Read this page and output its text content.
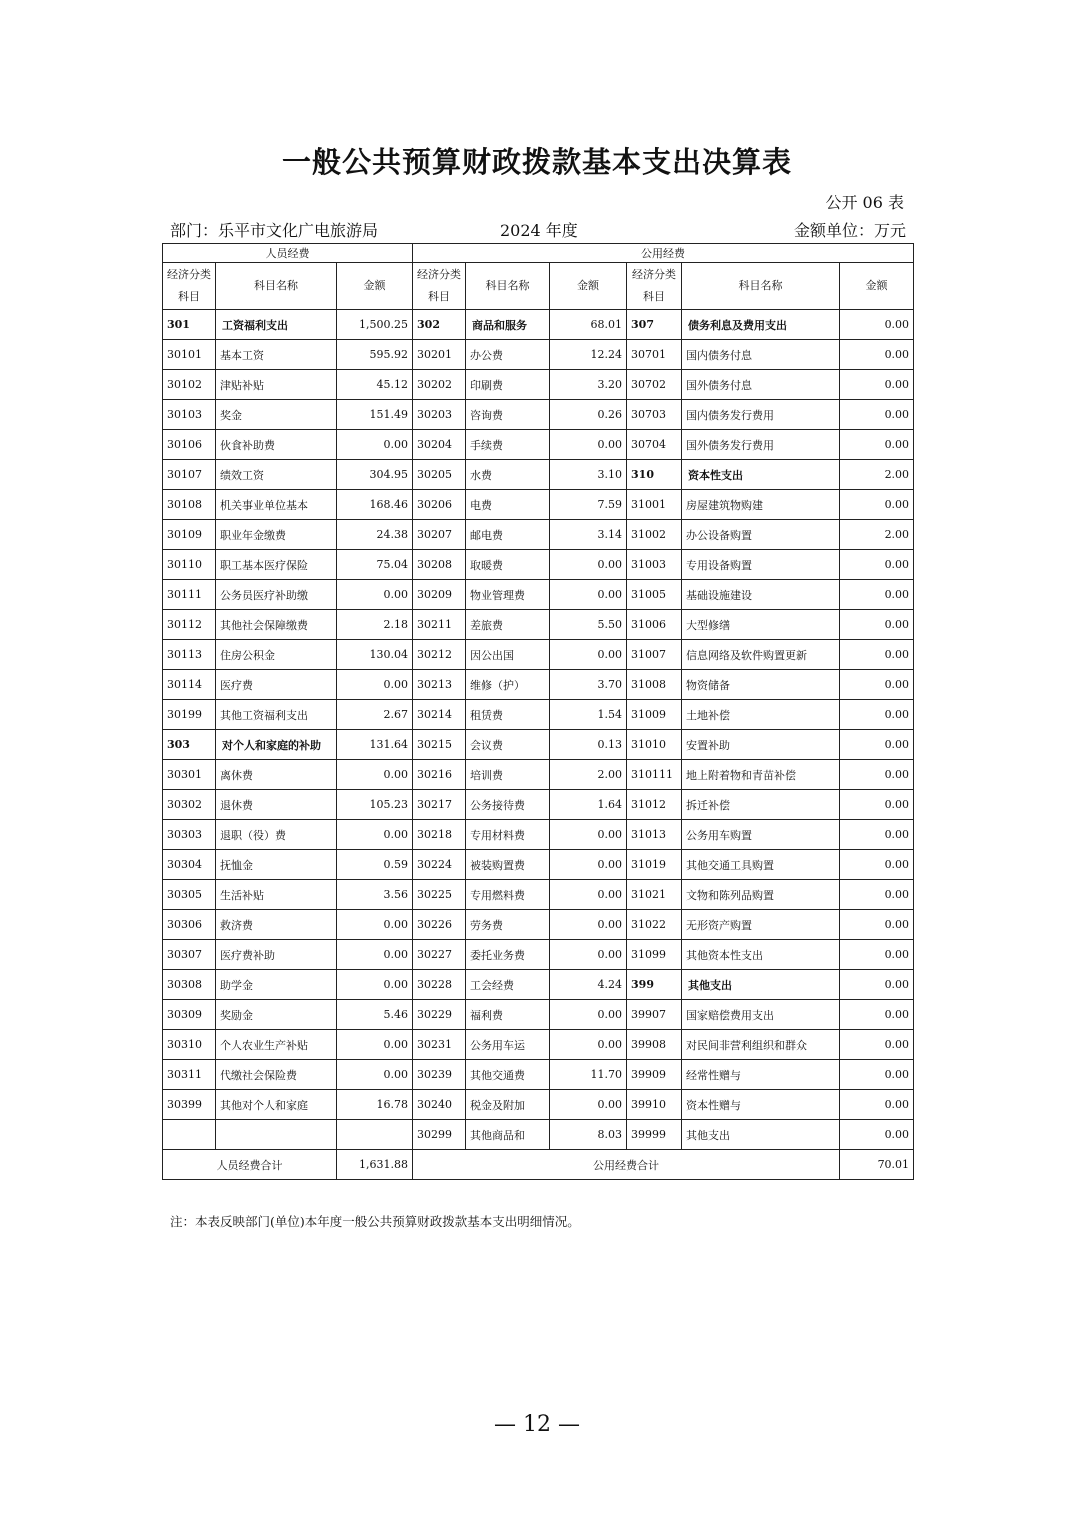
一般公共预算财政拨款基本支出决算表
公开 06 表
部门：乐平市文化广电旅游局	2024 年度	金额单位：万元
人员经费			公用经费					
经济分类科目	科目名称	金额	经济分类科目	科目名称	金额	经济分类科目	科目名称	金额
301	工资福利支出	1,500.25	302	商品和服务	68.01	307	债务利息及费用支出	0.00
30101	基本工资	595.92	30201	办公费	12.24	30701	国内债务付息	0.00
30102	津贴补贴	45.12	30202	印刷费	3.20	30702	国外债务付息	0.00
30103	奖金	151.49	30203	咨询费	0.26	30703	国内债务发行费用	0.00
30106	伙食补助费	0.00	30204	手续费	0.00	30704	国外债务发行费用	0.00
30107	绩效工资	304.95	30205	水费	3.10	310	资本性支出	2.00
30108	机关事业单位基本	168.46	30206	电费	7.59	31001	房屋建筑物购建	0.00
30109	职业年金缴费	24.38	30207	邮电费	3.14	31002	办公设备购置	2.00
30110	职工基本医疗保险	75.04	30208	取暖费	0.00	31003	专用设备购置	0.00
30111	公务员医疗补助缴	0.00	30209	物业管理费	0.00	31005	基础设施建设	0.00
30112	其他社会保障缴费	2.18	30211	差旅费	5.50	31006	大型修缮	0.00
30113	住房公积金	130.04	30212	因公出国	0.00	31007	信息网络及软件购置更新	0.00
30114	医疗费	0.00	30213	维修（护）	3.70	31008	物资储备	0.00
30199	其他工资福利支出	2.67	30214	租赁费	1.54	31009	土地补偿	0.00
303	对个人和家庭的补助	131.64	30215	会议费	0.13	31010	安置补助	0.00
30301	离休费	0.00	30216	培训费	2.00	310111	地上附着物和青苗补偿	0.00
30302	退休费	105.23	30217	公务接待费	1.64	31012	拆迁补偿	0.00
30303	退职（役）费	0.00	30218	专用材料费	0.00	31013	公务用车购置	0.00
30304	抚恤金	0.59	30224	被装购置费	0.00	31019	其他交通工具购置	0.00
30305	生活补贴	3.56	30225	专用燃料费	0.00	31021	文物和陈列品购置	0.00
30306	救济费	0.00	30226	劳务费	0.00	31022	无形资产购置	0.00
30307	医疗费补助	0.00	30227	委托业务费	0.00	31099	其他资本性支出	0.00
30308	助学金	0.00	30228	工会经费	4.24	399	其他支出	0.00
30309	奖励金	5.46	30229	福利费	0.00	39907	国家赔偿费用支出	0.00
30310	个人农业生产补贴	0.00	30231	公务用车运	0.00	39908	对民间非营利组织和群众	0.00
30311	代缴社会保险费	0.00	30239	其他交通费	11.70	39909	经常性赠与	0.00
30399	其他对个人和家庭	16.78	30240	税金及附加	0.00	39910	资本性赠与	0.00
			30299	其他商品和	8.03	39999	其他支出	0.00
人员经费合计		1,631.88	公用经费合计					70.01
注：本表反映部门(单位)本年度一般公共预算财政拨款基本支出明细情况。
— 12 —
